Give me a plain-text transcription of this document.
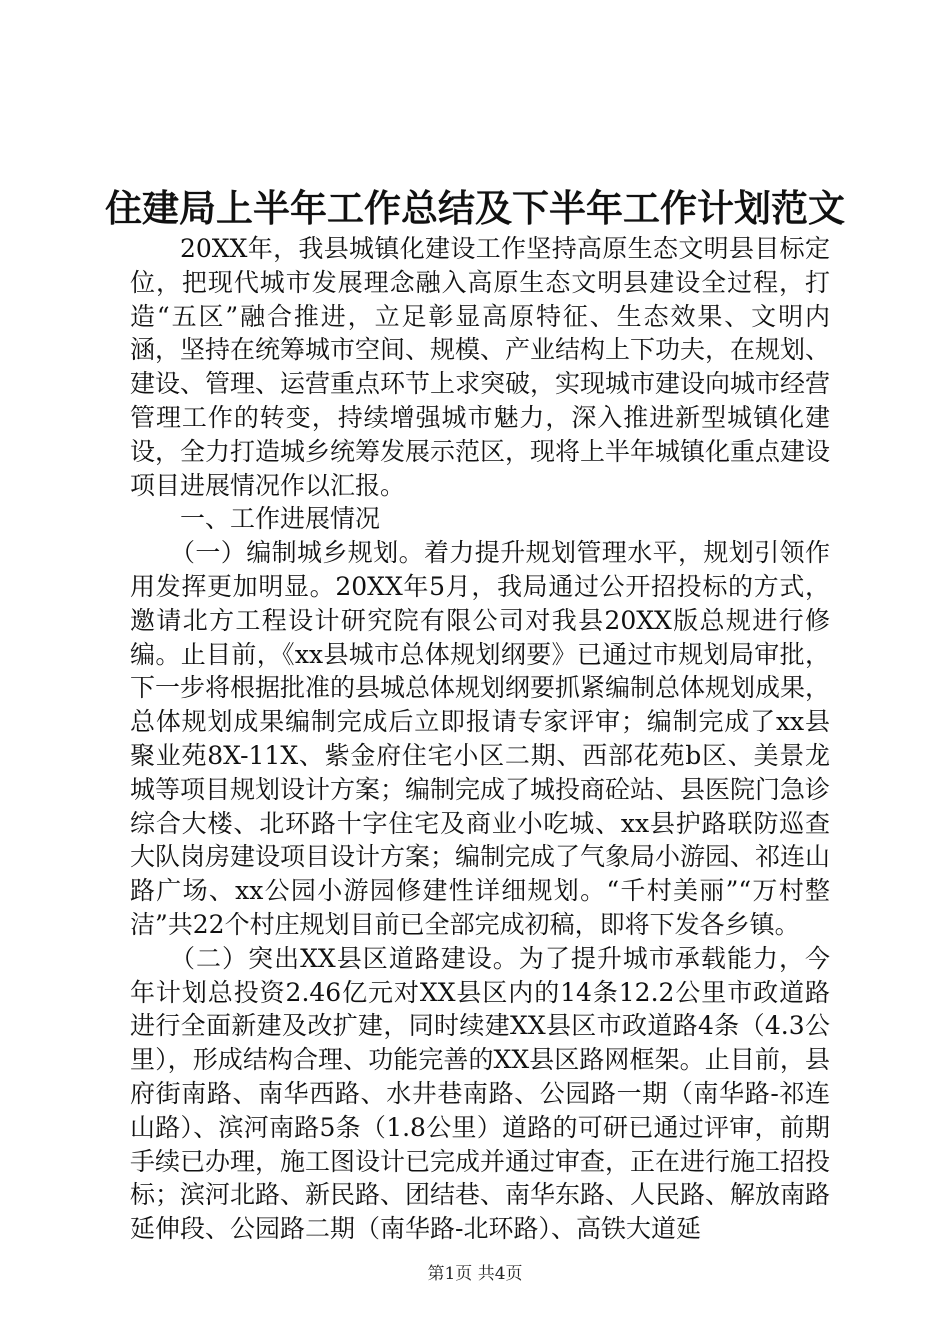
住建局上半年工作总结及下半年工作计划范文

20XX年，我县城镇化建设工作坚持高原生态文明县目标定位，把现代城市发展理念融入高原生态文明县建设全过程，打造“五区”融合推进，立足彰显高原特征、生态效果、文明内涵，坚持在统筹城市空间、规模、产业结构上下功夫，在规划、建设、管理、运营重点环节上求突破，实现城市建设向城市经营管理工作的转变，持续增强城市魅力，深入推进新型城镇化建设，全力打造城乡统筹发展示范区，现将上半年城镇化重点建设项目进展情况作以汇报。

一、工作进展情况

（一）编制城乡规划。着力提升规划管理水平，规划引领作用发挥更加明显。20XX年5月，我局通过公开招投标的方式，邀请北方工程设计研究院有限公司对我县20XX版总规进行修编。止目前，《xx县城市总体规划纲要》已通过市规划局审批，下一步将根据批准的县城总体规划纲要抓紧编制总体规划成果，总体规划成果编制完成后立即报请专家评审；编制完成了xx县聚业苑8X-11X、紫金府住宅小区二期、西部花苑b区、美景龙城等项目规划设计方案；编制完成了城投商砼站、县医院门急诊综合大楼、北环路十字住宅及商业小吃城、xx县护路联防巡查大队岗房建设项目设计方案；编制完成了气象局小游园、祁连山路广场、xx公园小游园修建性详细规划。“千村美丽”“万村整洁”共22个村庄规划目前已全部完成初稿，即将下发各乡镇。

（二）突出XX县区道路建设。为了提升城市承载能力，今年计划总投资2.46亿元对XX县区内的14条12.2公里市政道路进行全面新建及改扩建，同时续建XX县区市政道路4条（4.3公里），形成结构合理、功能完善的XX县区路网框架。止目前，县府街南路、南华西路、水井巷南路、公园路一期（南华路-祁连山路）、滨河南路5条（1.8公里）道路的可研已通过评审，前期手续已办理，施工图设计已完成并通过审查，正在进行施工招投标；滨河北路、新民路、团结巷、南华东路、人民路、解放南路延伸段、公园路二期（南华路-北环路）、高铁大道延

第1页 共4页
